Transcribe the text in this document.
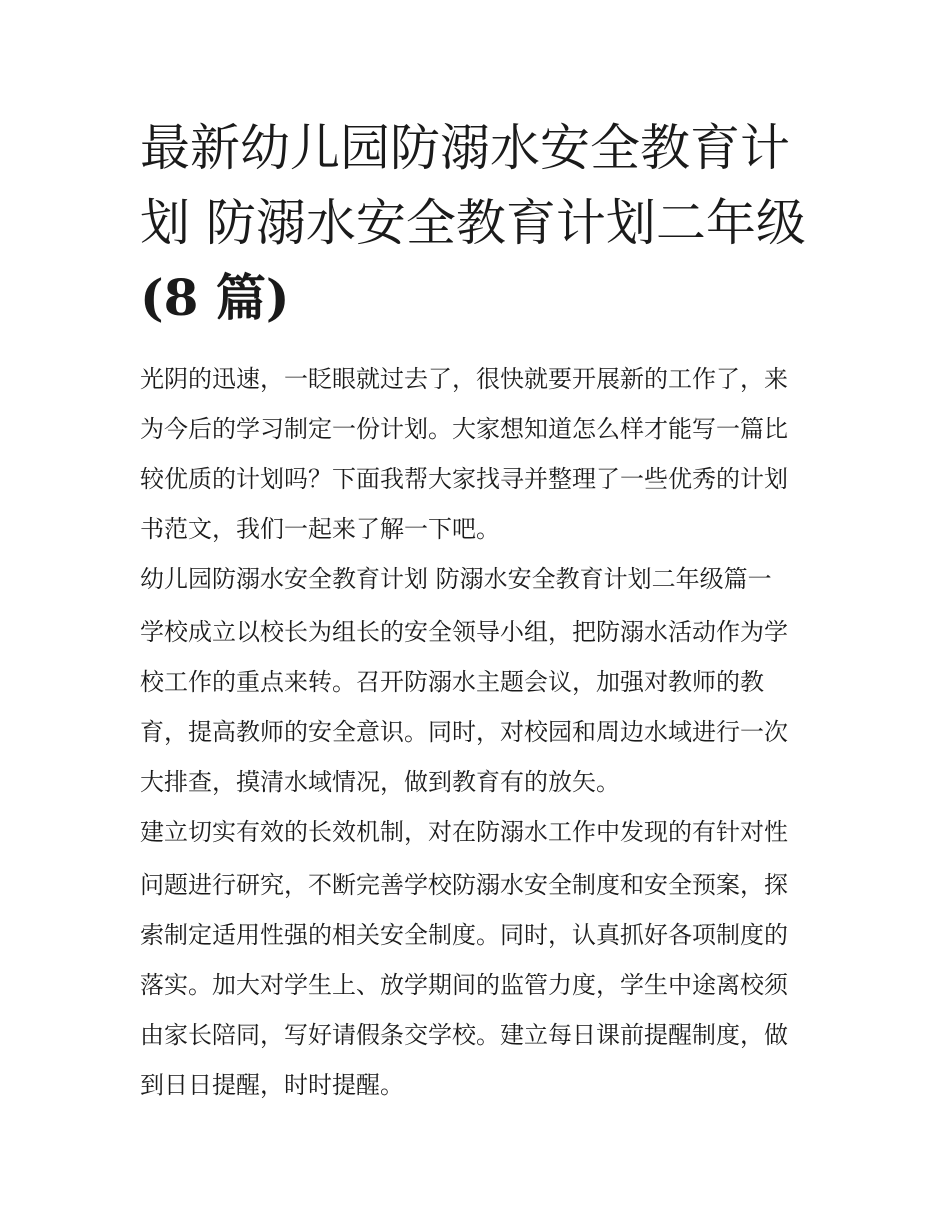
最新幼儿园防溺水安全教育计
划 防溺水安全教育计划二年级
(8 篇)
光阴的迅速，一眨眼就过去了，很快就要开展新的工作了，来
为今后的学习制定一份计划。大家想知道怎么样才能写一篇比
较优质的计划吗？下面我帮大家找寻并整理了一些优秀的计划
书范文，我们一起来了解一下吧。
幼儿园防溺水安全教育计划 防溺水安全教育计划二年级篇一
学校成立以校长为组长的安全领导小组，把防溺水活动作为学
校工作的重点来转。召开防溺水主题会议，加强对教师的教
育，提高教师的安全意识。同时，对校园和周边水域进行一次
大排查，摸清水域情况，做到教育有的放矢。
建立切实有效的长效机制，对在防溺水工作中发现的有针对性
问题进行研究，不断完善学校防溺水安全制度和安全预案，探
索制定适用性强的相关安全制度。同时，认真抓好各项制度的
落实。加大对学生上、放学期间的监管力度，学生中途离校须
由家长陪同，写好请假条交学校。建立每日课前提醒制度，做
到日日提醒，时时提醒。
